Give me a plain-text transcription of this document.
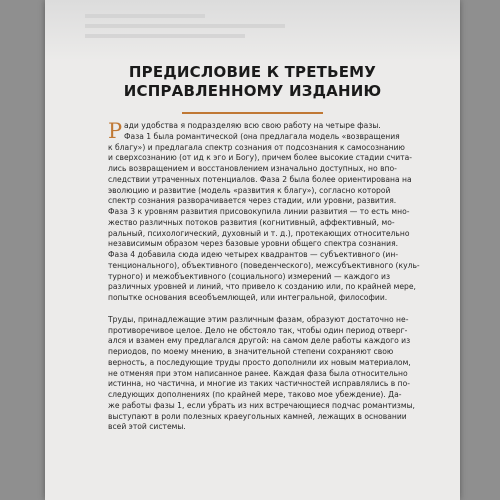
ПРЕДИСЛОВИЕ К ТРЕТЬЕМУ
ИСПРАВЛЕННОМУ ИЗДАНИЮ
Р ади удобства я подразделяю всю свою работу на четыре фазы.
Фаза 1 была романтической (она предлагала модель «возвращения
к благу») и предлагала спектр сознания от подсознания к самосознанию
и сверхсознанию (от ид к эго и Богу), причем более высокие стадии счита-
лись возвращением и восстановлением изначально доступных, но впо-
следствии утраченных потенциалов. Фаза 2 была более ориентирована на
эволюцию и развитие (модель «развития к благу»), согласно которой
спектр сознания разворачивается через стадии, или уровни, развития.
Фаза 3 к уровням развития присовокупила линии развития — то есть мно-
жество различных потоков развития (когнитивный, аффективный, мо-
ральный, психологический, духовный и т. д.), протекающих относительно
независимым образом через базовые уровни общего спектра сознания.
Фаза 4 добавила сюда идею четырех квадрантов — субъективного (ин-
тенционального), объективного (поведенческого), межсубъективного (куль-
турного) и межобъективного (социального) измерений — каждого из
различных уровней и линий, что привело к созданию или, по крайней мере,
попытке основания всеобъемлющей, или интегральной, философии.
Труды, принадлежащие этим различным фазам, образуют достаточно не-
противоречивое целое. Дело не обстояло так, чтобы один период отверг-
ался и взамен ему предлагался другой: на самом деле работы каждого из
периодов, по моему мнению, в значительной степени сохраняют свою
верность, а последующие труды просто дополнили их новым материалом,
не отменяя при этом написанное ранее. Каждая фаза была относительно
истинна, но частична, и многие из таких частичностей исправлялись в по-
следующих дополнениях (по крайней мере, таково мое убеждение). Да-
же работы фазы 1, если убрать из них встречающиеся подчас романтизмы,
выступают в роли полезных краеугольных камней, лежащих в основании
всей этой системы.
